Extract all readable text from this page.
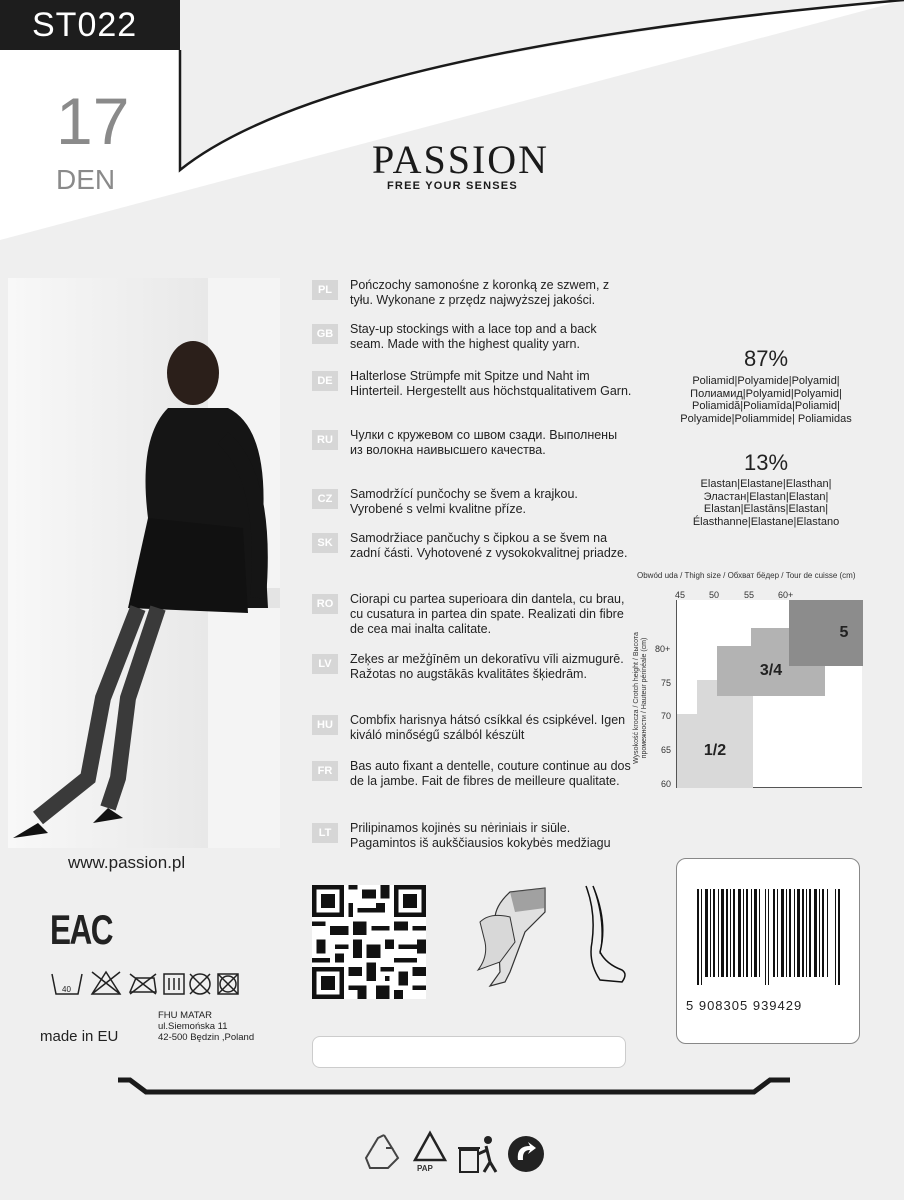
ST022
17
DEN	PASSION
FREE YOUR SENSES
www.passion.pl
PL	Pończochy samonośne z koronką ze szwem, z tyłu. Wykonane z przędz najwyższej jakości.
GB	Stay-up stockings with a lace top and a back seam. Made with the highest quality yarn.
DE	Halterlose Strümpfe mit Spitze und Naht im Hinterteil. Hergestellt aus höchstqualitativem Garn.
RU	Чулки с кружевом со швом сзади. Выполнены из волокна наивысшего качества.
CZ	Samodržící punčochy se švem a krajkou. Vyrobené s velmi kvalitne příze.
SK	Samodržiace pančuchy s čipkou a se švem na zadní části. Vyhotovené z vysokokvalitnej priadze.
RO	Ciorapi cu partea superioara din dantela, cu brau, cu cusatura in partea din spate. Realizati din fibre de cea mai inalta calitate.
LV	Zeķes ar mežģīnēm un dekoratīvu vīli aizmugurē. Ražotas no augstākās kvalitātes šķiedrām.
HU	Combfix harisnya hátsó csíkkal és csipkével. Igen kiváló minőségű szálból készült
FR	Bas auto fixant a dentelle, couture continue au dos de la jambe. Fait de fibres de meilleure qualitate.
LT	Prilipinamos kojinės su nėriniais ir siūle. Pagamintos iš aukščiausios kokybės medžiagu
87%
Poliamid|Polyamide|Polyamid| Полиамид|Polyamid|Polyamid| Poliamidă|Poliamīda|Poliamid| Polyamide|Poliammide| Poliamidas
13%
Elastan|Elastane|Elasthan| Эластан|Elastan|Elastan| Elastan|Elastāns|Elastan| Élasthanne|Elastane|Elastano
Obwód uda / Thigh size / Обхват бёдер / Tour de cuisse (cm)
45	50	55	60+
80+
75
70
65
60
Wysokość krocza / Crotch height / Высота промежности / Hauteur périnéale (cm)	1/2
3/4
5
EAC
40
made in EU
FHU MATAR
ul.Siemońska 11
42-500 Będzin ,Poland
5 908305 939429
PAP
